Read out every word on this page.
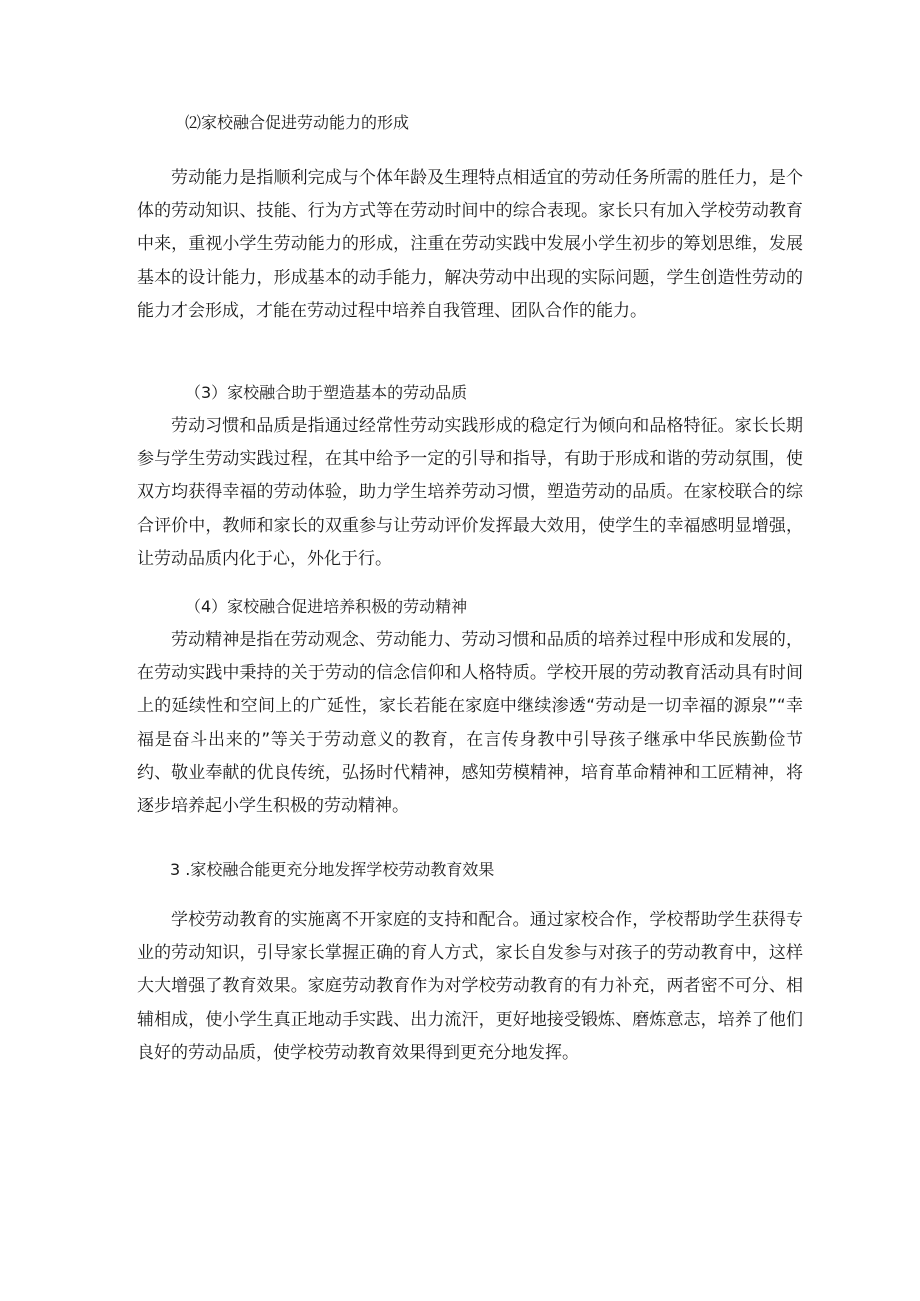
⑵家校融合促进劳动能力的形成

劳动能力是指顺利完成与个体年龄及生理特点相适宜的劳动任务所需的胜任力，是个体的劳动知识、技能、行为方式等在劳动时间中的综合表现。家长只有加入学校劳动教育中来，重视小学生劳动能力的形成，注重在劳动实践中发展小学生初步的筹划思维，发展基本的设计能力，形成基本的动手能力，解决劳动中出现的实际问题，学生创造性劳动的能力才会形成，才能在劳动过程中培养自我管理、团队合作的能力。

（3）家校融合助于塑造基本的劳动品质

劳动习惯和品质是指通过经常性劳动实践形成的稳定行为倾向和品格特征。家长长期参与学生劳动实践过程，在其中给予一定的引导和指导，有助于形成和谐的劳动氛围，使双方均获得幸福的劳动体验，助力学生培养劳动习惯，塑造劳动的品质。在家校联合的综合评价中，教师和家长的双重参与让劳动评价发挥最大效用，使学生的幸福感明显增强，让劳动品质内化于心，外化于行。

（4）家校融合促进培养积极的劳动精神

劳动精神是指在劳动观念、劳动能力、劳动习惯和品质的培养过程中形成和发展的，在劳动实践中秉持的关于劳动的信念信仰和人格特质。学校开展的劳动教育活动具有时间上的延续性和空间上的广延性，家长若能在家庭中继续渗透“劳动是一切幸福的源泉”“幸福是奋斗出来的”等关于劳动意义的教育，在言传身教中引导孩子继承中华民族勤俭节约、敬业奉献的优良传统，弘扬时代精神，感知劳模精神，培育革命精神和工匠精神，将逐步培养起小学生积极的劳动精神。

3 .家校融合能更充分地发挥学校劳动教育效果

学校劳动教育的实施离不开家庭的支持和配合。通过家校合作，学校帮助学生获得专业的劳动知识，引导家长掌握正确的育人方式，家长自发参与对孩子的劳动教育中，这样大大增强了教育效果。家庭劳动教育作为对学校劳动教育的有力补充，两者密不可分、相辅相成，使小学生真正地动手实践、出力流汗，更好地接受锻炼、磨炼意志，培养了他们良好的劳动品质，使学校劳动教育效果得到更充分地发挥。
